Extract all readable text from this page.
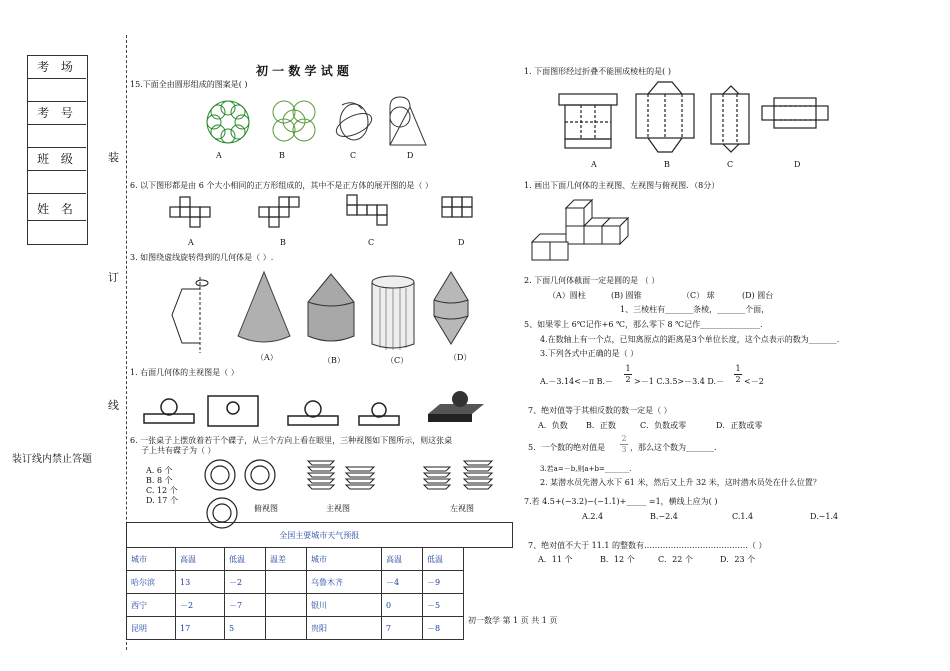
考 场
考 号
班 级
姓 名
装
订
线
装订线内禁止答题
初 一 数 学 试 题
15.下面全由圆形组成的图案是( )
A	B	C	D
6. 以下图形都是由 6 个大小相同的正方形组成的，其中不是正方体的展开图的是（ ）
A	B	C	D
3. 如图绕虚线旋转得到的几何体是（ ）.
（A）	（B）	（C）	（D）
1. 右面几何体的主视图是（ ）
正面
6. 一张桌子上摆放着若干个碟子，从三个方向上看在眼里，三种视图如下图所示，则这张桌
子上共有碟子为（ ）
A. 6 个
B. 8 个
C. 12 个
D. 17 个
俯视图	主视图	左视图
全国主要城市天气预报							
城市	高温	低温	温差	城市	高温	低温	
哈尔滨	13	－2		乌鲁木齐	－4	－9	
西宁	－2	－7		银川	0	－5	
昆明	17	5		贵阳	7	－8	
初一数学 第 1 页 共 1 页
1. 下面图形经过折叠不能围成棱柱的是( )
A	B	C	D
1. 画出下面几何体的主视图、左视图与俯视图．（8分）
2. 下面几何体截面一定是圆的是 （ ）
（A）圆柱	(B) 圆锥	（C） 球	(D) 圆台
1、三棱柱有_______条棱，_______个面，
5、如果零上 6℃记作+6 ℃，那么零下 8 ℃记作_______________.
4.在数轴上有一个点，已知离原点的距离是3个单位长度，这个点表示的数为_______.
3.下列各式中正确的是（ ）
A.－3.14<－π $B.- \frac{1}{2} >-1$ C.3.5>－3.4 $D.- \frac{1}{2} <-2$
7、绝对值等于其相反数的数一定是（ ）
A．负数 B．正数	C．负数或零	D．正数或零
5．一个数的绝对值是 $\frac{2}{3}$ ，那么这个数为_______.
3.若a=－b,则a+b=_______.
2. 某潜水员先潜入水下 61 米，然后又上升 32 米，这时潜水员处在什么位置？
7.若 4.5+(−3.2)−(−1.1)+_____ =1，横线上应为( )
A.2.4	B.−2.4	C.1.4	D.−1.4
7、绝对值不大于 11.1 的整数有…………………………………（ ）
A．11 个	B．12 个	C．22 个	D．23 个
